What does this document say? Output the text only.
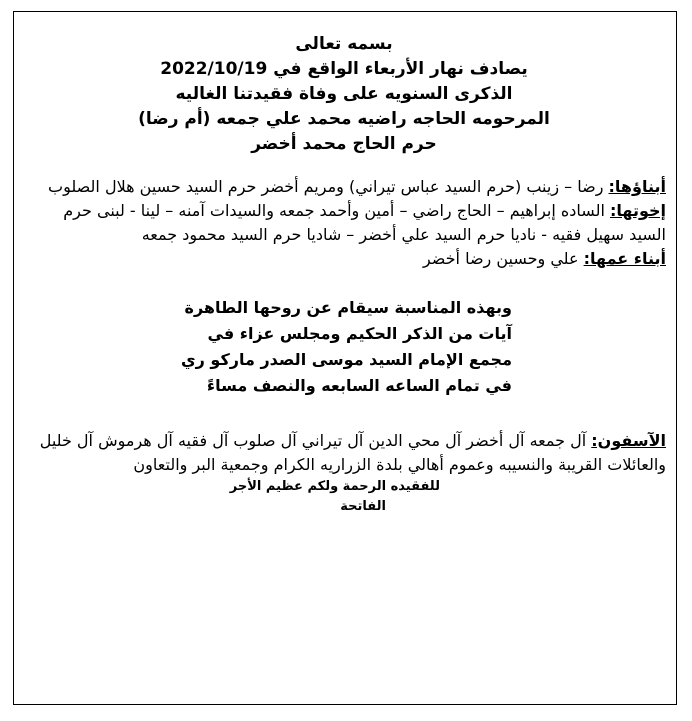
بسمه تعالى
يصادف نهار الأربعاء الواقع في 2022/10/19
الذكرى السنويه على وفاة فقيدتنا الغاليه
المرحومه الحاجه راضيه محمد علي جمعه (أم رضا)
حرم الحاج محمد أخضر
أبناؤها: رضا – زينب (حرم السيد عباس تيراني) ومريم أخضر حرم السيد حسين هلال الصلوب
إخوتها: الساده إبراهيم – الحاج راضي – أمين وأحمد جمعه والسيدات آمنه – لينا - لبنى حرم السيد سهيل فقيه - ناديا حرم السيد علي أخضر – شاديا حرم السيد محمود جمعه
أبناء عمها: علي وحسين رضا أخضر
وبهذه المناسبة سيقام عن روحها الطاهرة
آيات من الذكر الحكيم ومجلس عزاء في
مجمع الإمام السيد موسى الصدر ماركو ري
في تمام الساعه السابعه والنصف مساءً
الآسفون: آل جمعه آل أخضر آل محي الدين آل تيراني آل صلوب آل فقيه آل هرموش آل خليل والعائلات القريبة والنسيبه وعموم أهالي بلدة الزراريه الكرام وجمعية البر والتعاون
للفقيده الرحمة ولكم عظيم الأجر
الفاتحة
